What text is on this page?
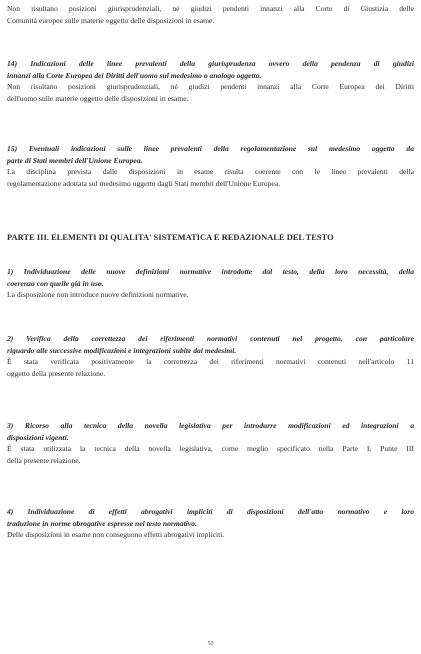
50
Non risultano posizioni giurisprudenziali, né giudizi pendenti innanzi alla Corte di Giustizia delle
Comunità europee sulle materie oggetto delle disposizioni in esame.
14) Indicazioni delle linee prevalenti della giurisprudenza ovvero della pendenza di giudizi
innanzi alla Corte Europea dei Diritti dell'uomo sul medesimo o analogo oggetto.
Non risultano posizioni giurisprudenziali, né giudizi pendenti innanzi alla Corte Europea dei Diritti
dell'uomo sulle materie oggetto delle disposizioni in esame.
15) Eventuali indicazioni sulle linee prevalenti della regolamentazione sul medesimo oggetto da
parte di Stati membri dell'Unione Europea.
La disciplina prevista dalle disposizioni in esame risulta coerente con le linee prevalenti della
regolamentazione adottata sul medesimo oggetto dagli Stati membri dell'Unione Europea.
PARTE III. ELEMENTI DI QUALITA' SISTEMATICA E REDAZIONALE DEL TESTO
1) Individuazione delle nuove definizioni normative introdotte dal testo, della loro necessità, della
coerenza con quelle già in uso.
La disposizione non introduce nuove definizioni normative.
2) Verifica della correttezza dei riferimenti normativi contenuti nel progetto, con particolare
riguardo alle successive modificazioni e integrazioni subite dai medesimi.
È stata verificata positivamente la correttezza dei riferimenti normativi contenuti nell'articolo 11
oggetto della presente relazione.
3) Ricorso alla tecnica della novella legislativa per introdurre modificazioni ed integrazioni a
disposizioni vigenti.
È stata utilizzata la tecnica della novella legislativa, come meglio specificato nella Parte I, Punte III
della presente relazione.
4) Individuazione di effetti abrogativi impliciti di disposizioni dell'atto normativo e loro
traduzione in norme abrogative espresse nel testo normativo.
Delle disposizioni in esame non conseguono effetti abrogativi impliciti.
